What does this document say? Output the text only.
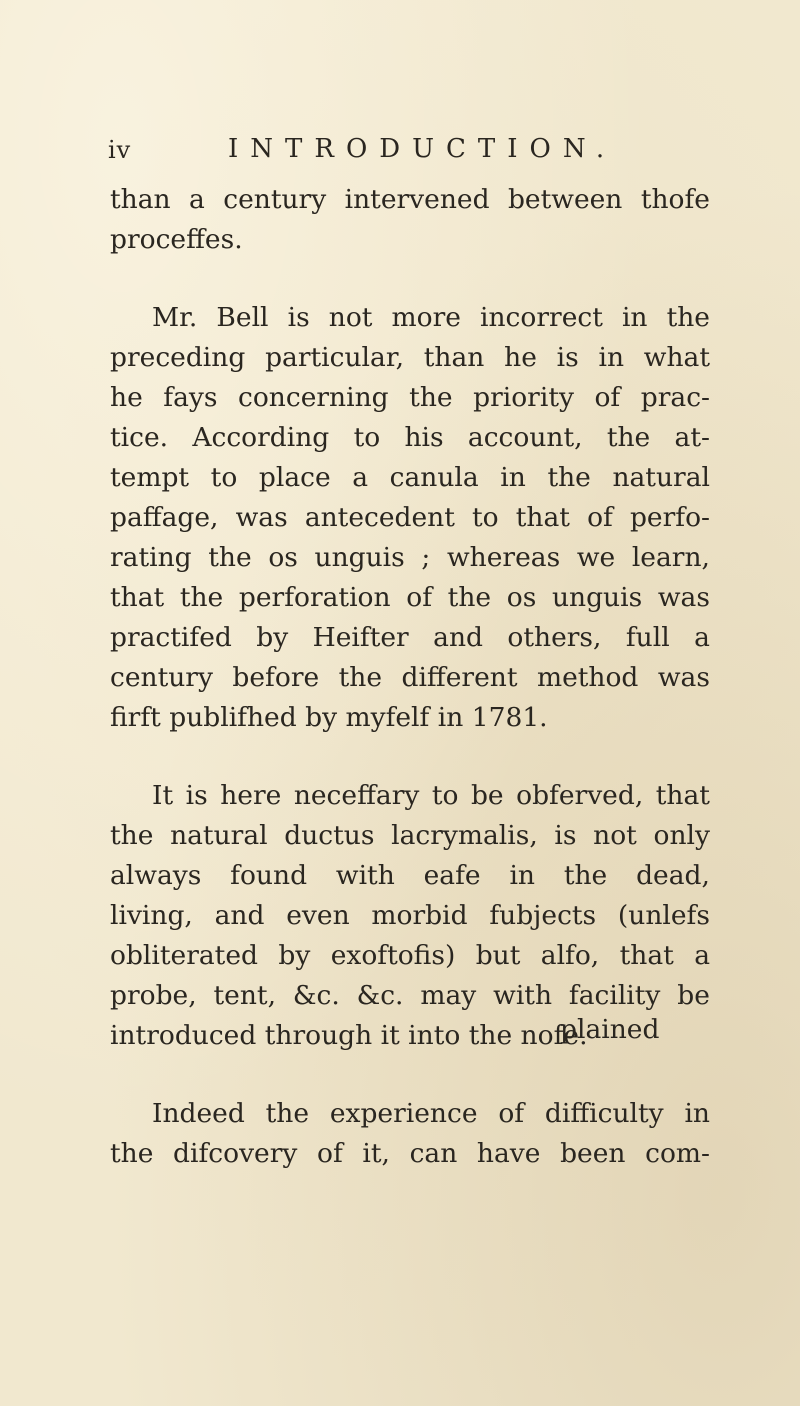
iv	INTRODUCTION.
than a century intervened between thofe
proceffes.
Mr. Bell is not more incorrect in the
preceding particular, than he is in what
he fays concerning the priority of prac-
tice. According to his account, the at-
tempt to place a canula in the natural
paffage, was antecedent to that of perfo-
rating the os unguis ; whereas we learn,
that the perforation of the os unguis was
practifed by Heifter and others, full a
century before the different method was
firft publifhed by myfelf in 1781.
It is here neceffary to be obferved, that
the natural ductus lacrymalis, is not only
always found with eafe in the dead,
living, and even morbid fubjects (unlefs
obliterated by exoftofis) but alfo, that a
probe, tent, &c. &c. may with facility be
introduced through it into the nofe.
Indeed the experience of difficulty in
the difcovery of it, can have been com-
plained
